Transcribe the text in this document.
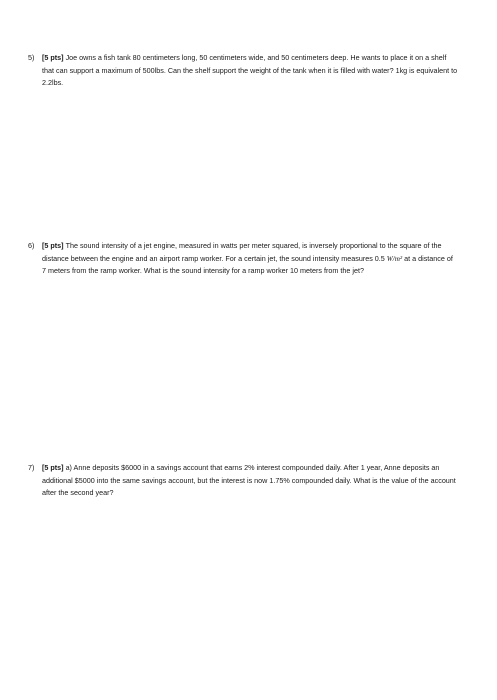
5)	[5 pts] Joe owns a fish tank 80 centimeters long, 50 centimeters wide, and 50 centimeters deep. He wants to place it on a shelf that can support a maximum of 500lbs. Can the shelf support the weight of the tank when it is filled with water? 1kg is equivalent to 2.2lbs.
6)	[5 pts] The sound intensity of a jet engine, measured in watts per meter squared, is inversely proportional to the square of the distance between the engine and an airport ramp worker. For a certain jet, the sound intensity measures 0.5 W/m² at a distance of 7 meters from the ramp worker. What is the sound intensity for a ramp worker 10 meters from the jet?
7)	[5 pts] a) Anne deposits $6000 in a savings account that earns 2% interest compounded daily. After 1 year, Anne deposits an additional $5000 into the same savings account, but the interest is now 1.75% compounded daily. What is the value of the account after the second year?
